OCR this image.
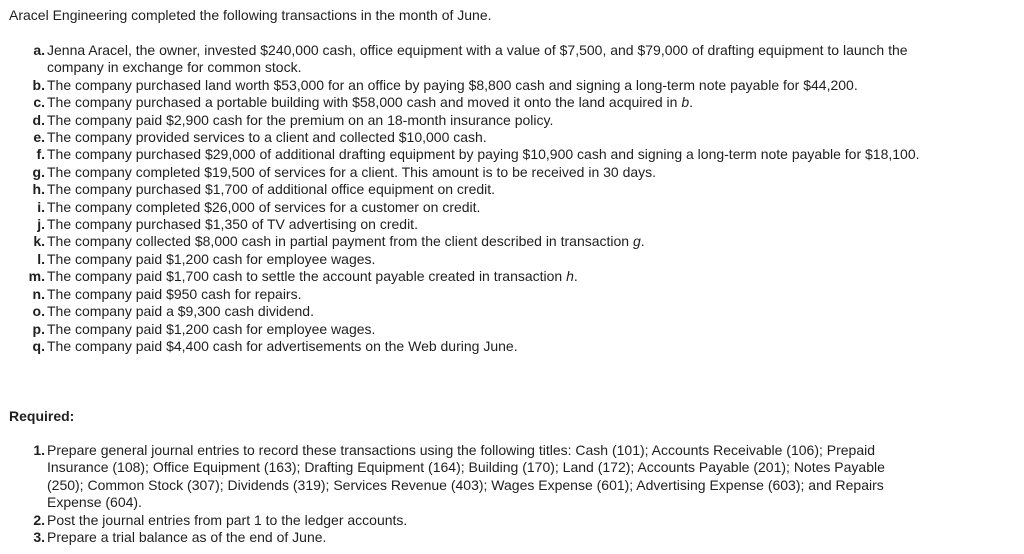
Aracel Engineering completed the following transactions in the month of June.
a. Jenna Aracel, the owner, invested $240,000 cash, office equipment with a value of $7,500, and $79,000 of drafting equipment to launch the company in exchange for common stock.
b. The company purchased land worth $53,000 for an office by paying $8,800 cash and signing a long-term note payable for $44,200.
c. The company purchased a portable building with $58,000 cash and moved it onto the land acquired in b.
d. The company paid $2,900 cash for the premium on an 18-month insurance policy.
e. The company provided services to a client and collected $10,000 cash.
f. The company purchased $29,000 of additional drafting equipment by paying $10,900 cash and signing a long-term note payable for $18,100.
g. The company completed $19,500 of services for a client. This amount is to be received in 30 days.
h. The company purchased $1,700 of additional office equipment on credit.
i. The company completed $26,000 of services for a customer on credit.
j. The company purchased $1,350 of TV advertising on credit.
k. The company collected $8,000 cash in partial payment from the client described in transaction g.
l. The company paid $1,200 cash for employee wages.
m. The company paid $1,700 cash to settle the account payable created in transaction h.
n. The company paid $950 cash for repairs.
o. The company paid a $9,300 cash dividend.
p. The company paid $1,200 cash for employee wages.
q. The company paid $4,400 cash for advertisements on the Web during June.
Required:
1. Prepare general journal entries to record these transactions using the following titles: Cash (101); Accounts Receivable (106); Prepaid Insurance (108); Office Equipment (163); Drafting Equipment (164); Building (170); Land (172); Accounts Payable (201); Notes Payable (250); Common Stock (307); Dividends (319); Services Revenue (403); Wages Expense (601); Advertising Expense (603); and Repairs Expense (604).
2. Post the journal entries from part 1 to the ledger accounts.
3. Prepare a trial balance as of the end of June.
